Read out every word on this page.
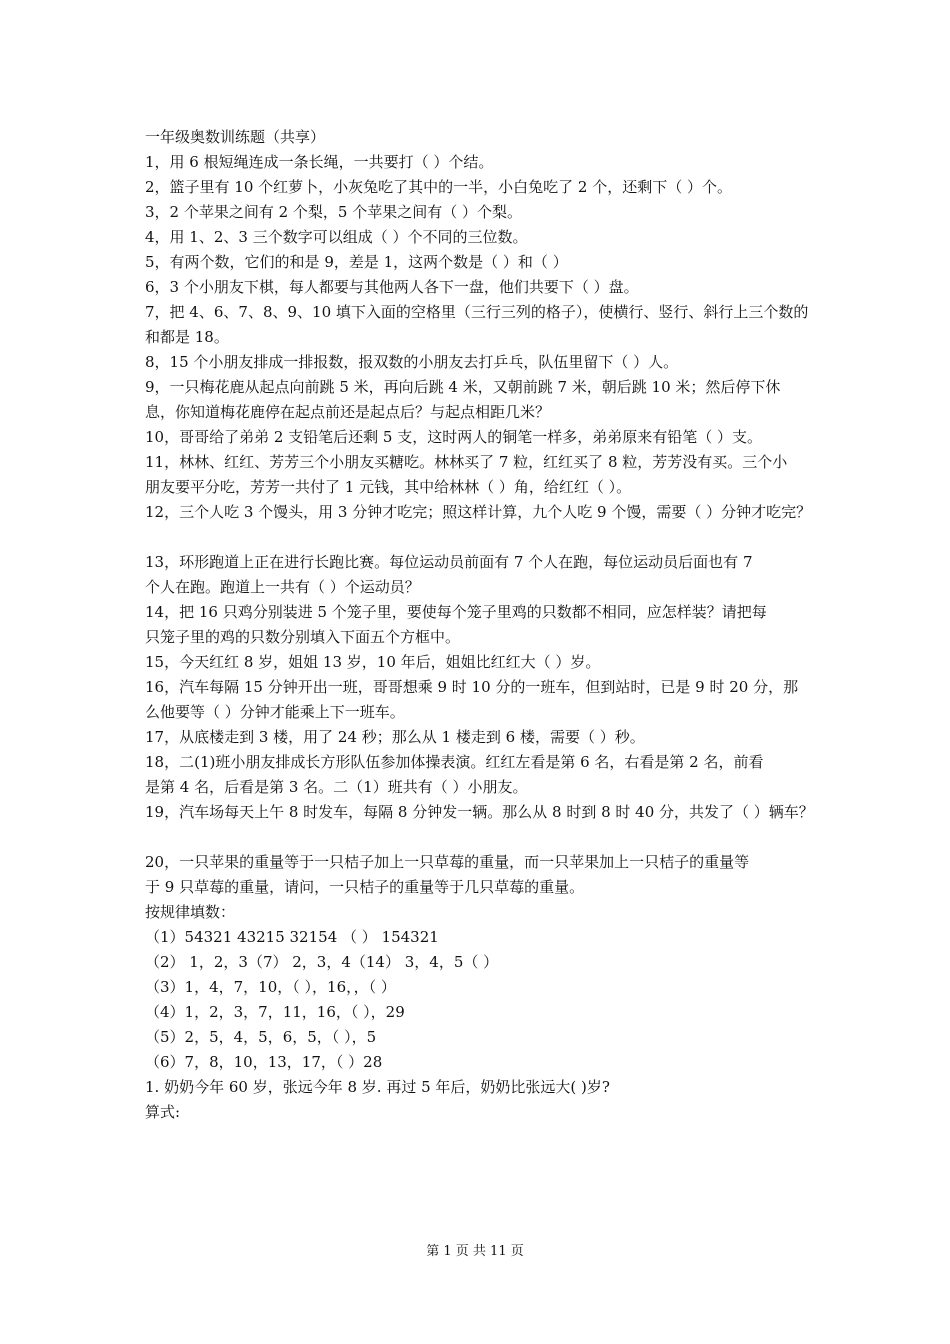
一年级奥数训练题（共享）
1，用 6 根短绳连成一条长绳，一共要打（ ）个结。
2，篮子里有 10 个红萝卜，小灰兔吃了其中的一半，小白兔吃了 2 个，还剩下（ ）个。
3，2 个苹果之间有 2 个梨，5 个苹果之间有（ ）个梨。
4，用 1、2、3 三个数字可以组成（ ）个不同的三位数。
5，有两个数，它们的和是 9，差是 1，这两个数是（ ）和（ ）
6，3 个小朋友下棋，每人都要与其他两人各下一盘，他们共要下（ ）盘。
7，把 4、6、7、8、9、10 填下入面的空格里（三行三列的格子），使横行、竖行、斜行上三个数的
和都是 18。
8，15 个小朋友排成一排报数，报双数的小朋友去打乒乓，队伍里留下（ ）人。
9，一只梅花鹿从起点向前跳 5 米，再向后跳 4 米，又朝前跳 7 米，朝后跳 10 米；然后停下休
息，你知道梅花鹿停在起点前还是起点后？与起点相距几米？
10，哥哥给了弟弟 2 支铅笔后还剩 5 支，这时两人的铜笔一样多，弟弟原来有铅笔（ ）支。
11，林林、红红、芳芳三个小朋友买糖吃。林林买了 7 粒，红红买了 8 粒，芳芳没有买。三个小
朋友要平分吃，芳芳一共付了 1 元钱，其中给林林（ ）角，给红红（ ）。
12，三个人吃 3 个馒头，用 3 分钟才吃完；照这样计算，九个人吃 9 个馒，需要（ ）分钟才吃完？
13，环形跑道上正在进行长跑比赛。每位运动员前面有 7 个人在跑，每位运动员后面也有 7
个人在跑。跑道上一共有（ ）个运动员？
14，把 16 只鸡分别装进 5 个笼子里，要使每个笼子里鸡的只数都不相同，应怎样装？请把每
只笼子里的鸡的只数分别填入下面五个方框中。
15，今天红红 8 岁，姐姐 13 岁，10 年后，姐姐比红红大（ ）岁。
16，汽车每隔 15 分钟开出一班，哥哥想乘 9 时 10 分的一班车，但到站时，已是 9 时 20 分，那
么他要等（ ）分钟才能乘上下一班车。
17，从底楼走到 3 楼，用了 24 秒；那么从 1 楼走到 6 楼，需要（ ）秒。
18，二(1)班小朋友排成长方形队伍参加体操表演。红红左看是第 6 名，右看是第 2 名，前看
是第 4 名，后看是第 3 名。二（1）班共有（ ）小朋友。
19，汽车场每天上午 8 时发车，每隔 8 分钟发一辆。那么从 8 时到 8 时 40 分，共发了（ ）辆车？
20，一只苹果的重量等于一只桔子加上一只草莓的重量，而一只苹果加上一只桔子的重量等
于 9 只草莓的重量，请问，一只桔子的重量等于几只草莓的重量。
按规律填数：
（1）54321 43215 32154 （ ） 154321
（2） 1，2，3（7） 2，3，4（14） 3，4，5（ ）
（3）1，4，7，10，（ ），16，，（ ）
（4）1，2，3，7，11，16，（ ），29
（5）2，5，4，5，6，5，（ ），5
（6）7，8，10，13，17，（ ）28
1. 奶奶今年 60 岁，张远今年 8 岁. 再过 5 年后，奶奶比张远大( )岁?
算式:
第 1 页 共 11 页
